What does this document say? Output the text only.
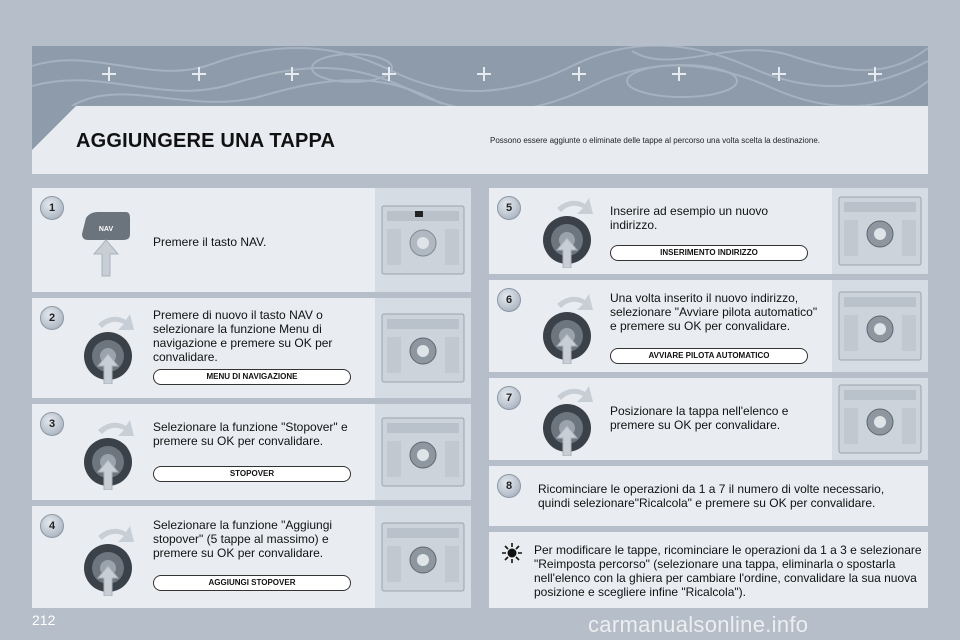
AGGIUNGERE UNA TAPPA	Possono essere aggiunte o eliminate delle tappe al percorso una volta scelta la destinazione.
NAV
1
Premere il tasto NAV.
2	Premere di nuovo il tasto NAV o selezionare la funzione Menu di navigazione e premere su OK per convalidare.
MENU DI NAVIGAZIONE
3	Selezionare la funzione "Stopover" e premere su OK per convalidare.
STOPOVER
4	Selezionare la funzione "Aggiungi stopover" (5 tappe al massimo) e premere su OK per convalidare.
AGGIUNGI STOPOVER
5	Inserire ad esempio un nuovo indirizzo.
INSERIMENTO INDIRIZZO
6	Una volta inserito il nuovo indirizzo, selezionare "Avviare pilota automatico" e premere su OK per convalidare.
AVVIARE PILOTA AUTOMATICO
7
Posizionare la tappa nell'elenco e premere su OK per convalidare.
8	Ricominciare le operazioni da 1 a 7 il numero di volte necessario, quindi selezionare"Ricalcola" e premere su OK per convalidare.
Per modificare le tappe, ricominciare le operazioni da 1 a 3 e selezionare "Reimposta percorso" (selezionare una tappa, eliminarla o spostarla nell'elenco con la ghiera per cambiare l'ordine, convalidare la sua nuova posizione e scegliere infine "Ricalcola").
212	carmanualsonline.info
